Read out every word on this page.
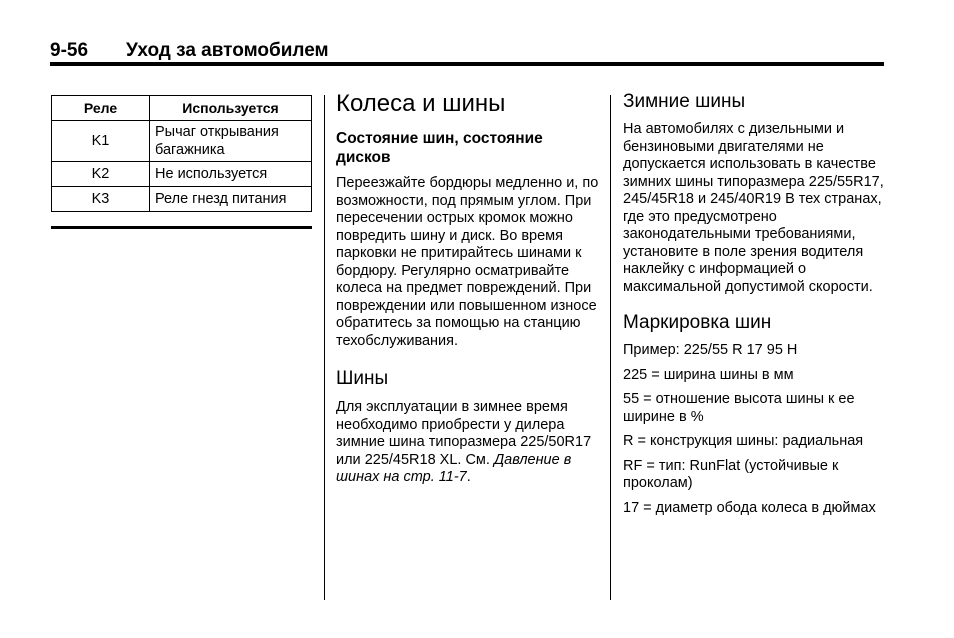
9-56 Уход за автомобилем
Реле	Используется
K1	Рычаг открывания багажника
K2	Не используется
K3	Реле гнезд питания
Колеса и шины
Состояние шин, состояние дисков

Переезжайте бордюры медленно и, по возможности, под прямым углом. При пересечении острых кромок можно повредить шину и диск. Во время парковки не притирайтесь шинами к бордюру. Регулярно осматривайте колеса на предмет повреждений. При повреждении или повышенном износе обратитесь за помощью на станцию техобслуживания.

Шины

Для эксплуатации в зимнее время необходимо приобрести у дилера зимние шина типоразмера 225/50R17 или 225/45R18 XL. См. Давление в шинах на стр. 11-7.

Зимние шины

На автомобилях с дизельными и бензиновыми двигателями не допускается использовать в качестве зимних шины типоразмера 225/55R17, 245/45R18 и 245/40R19 В тех странах, где это предусмотрено законодательными требованиями, установите в поле зрения водителя наклейку с информацией о максимальной допустимой скорости.

Маркировка шин

Пример: 225/55 R 17 95 H

225 = ширина шины в мм

55 = отношение высота шины к ее ширине в %

R = конструкция шины: радиальная

RF = тип: RunFlat (устойчивые к проколам)

17 = диаметр обода колеса в дюймах
